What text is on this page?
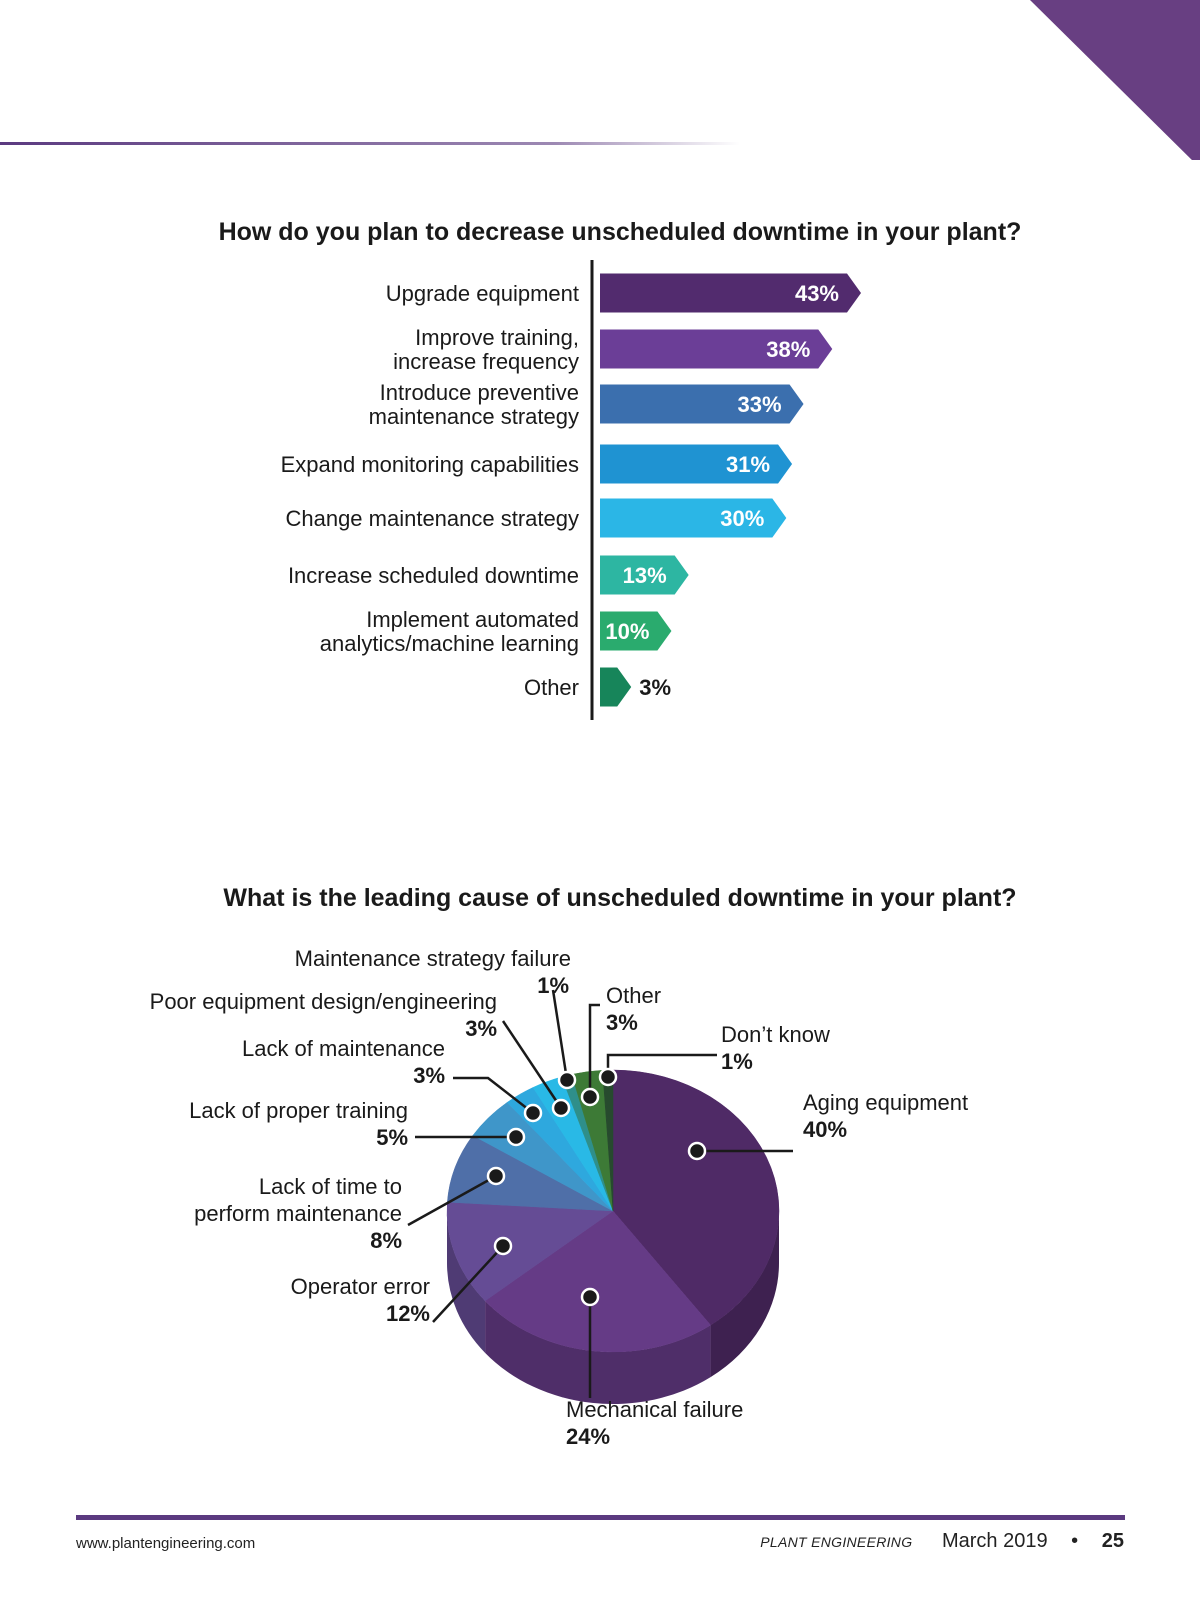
How do you plan to decrease unscheduled downtime in your plant?
43%
Upgrade equipment
38%
Improve training,
increase frequency
33%
Introduce preventive
maintenance strategy
31%
Expand monitoring capabilities
30%
Change maintenance strategy
13%
Increase scheduled downtime
10%
Implement automated
analytics/machine learning
3%
Other
What is the leading cause of unscheduled downtime in your plant?
Aging equipment
40%
Mechanical failure
24%
Operator error
12%
Lack of time to
perform maintenance
8%
Lack of proper training
5%
Lack of maintenance
3%
Poor equipment design/engineering
3%
Maintenance strategy failure
1% Other
3%	Don’t know
1%
www.plantengineering.com	PLANT ENGINEERING March 2019 • 25
